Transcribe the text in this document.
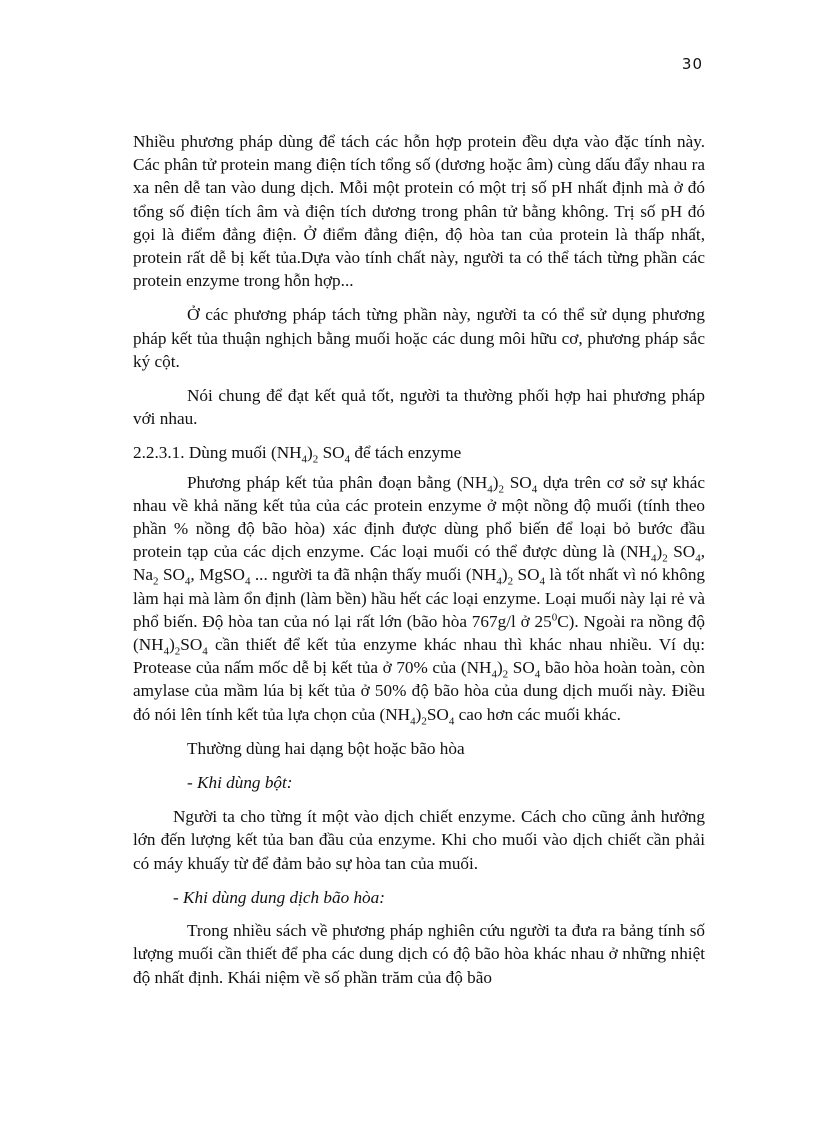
30

Nhiều phương pháp dùng để tách các hỗn hợp protein đều dựa vào đặc tính này. Các phân tử protein mang điện tích tổng số (dương hoặc âm) cùng dấu đẩy nhau ra xa nên dễ tan vào dung dịch. Mỗi một protein có một trị số pH nhất định mà ở đó tổng số điện tích âm và điện tích dương trong phân tử bằng không. Trị số pH đó gọi là điểm đẳng điện. Ở điểm đẳng điện, độ hòa tan của protein là thấp nhất, protein rất dễ bị kết tủa.Dựa vào tính chất này, người ta có thể tách từng phần các protein enzyme trong hỗn hợp...

Ở các phương pháp tách từng phần này, người ta có thể sử dụng phương pháp kết tủa thuận nghịch bằng muối hoặc các dung môi hữu cơ, phương pháp sắc ký cột.

Nói chung để đạt kết quả tốt, người ta thường phối hợp hai phương pháp với nhau.

2.2.3.1. Dùng muối $(NH_4)_2$ $SO_4$ để tách enzyme

Phương pháp kết tủa phân đoạn bằng $(NH_4)_2$ $SO_4$ dựa trên cơ sở sự khác nhau về khả năng kết tủa của các protein enzyme ở một nồng độ muối (tính theo phần % nồng độ bão hòa) xác định được dùng phổ biến để loại bỏ bước đầu protein tạp của các dịch enzyme. Các loại muối có thể được dùng là $(NH_4)_2$ $SO_4$, $Na_2$ $SO_4$, MgSO$_4$ ... người ta đã nhận thấy muối $(NH_4)_2$ $SO_4$ là tốt nhất vì nó không làm hại mà làm ổn định (làm bền) hầu hết các loại enzyme. Loại muối này lại rẻ và phổ biến. Độ hòa tan của nó lại rất lớn (bão hòa 767g/l ở $25^0C$). Ngoài ra nồng độ $(NH_4)_2SO_4$ cần thiết để kết tủa enzyme khác nhau thì khác nhau nhiều. Ví dụ: Protease của nấm mốc dễ bị kết tủa ở 70% của $(NH_4)_2$ $SO_4$ bão hòa hoàn toàn, còn amylase của mầm lúa bị kết tủa ở 50% độ bão hòa của dung dịch muối này. Điều đó nói lên tính kết tủa lựa chọn của $(NH_4)_2SO_4$ cao hơn các muối khác.

Thường dùng hai dạng bột hoặc bão hòa

- Khi dùng bột:

Người ta cho từng ít một vào dịch chiết enzyme. Cách cho cũng ảnh hưởng lớn đến lượng kết tủa ban đầu của enzyme. Khi cho muối vào dịch chiết cần phải có máy khuấy từ để đảm bảo sự hòa tan của muối.

- Khi dùng dung dịch bão hòa:

Trong nhiều sách về phương pháp nghiên cứu người ta đưa ra bảng tính số lượng muối cần thiết để pha các dung dịch có độ bão hòa khác nhau ở những nhiệt độ nhất định. Khái niệm về số phần trăm của độ bão
